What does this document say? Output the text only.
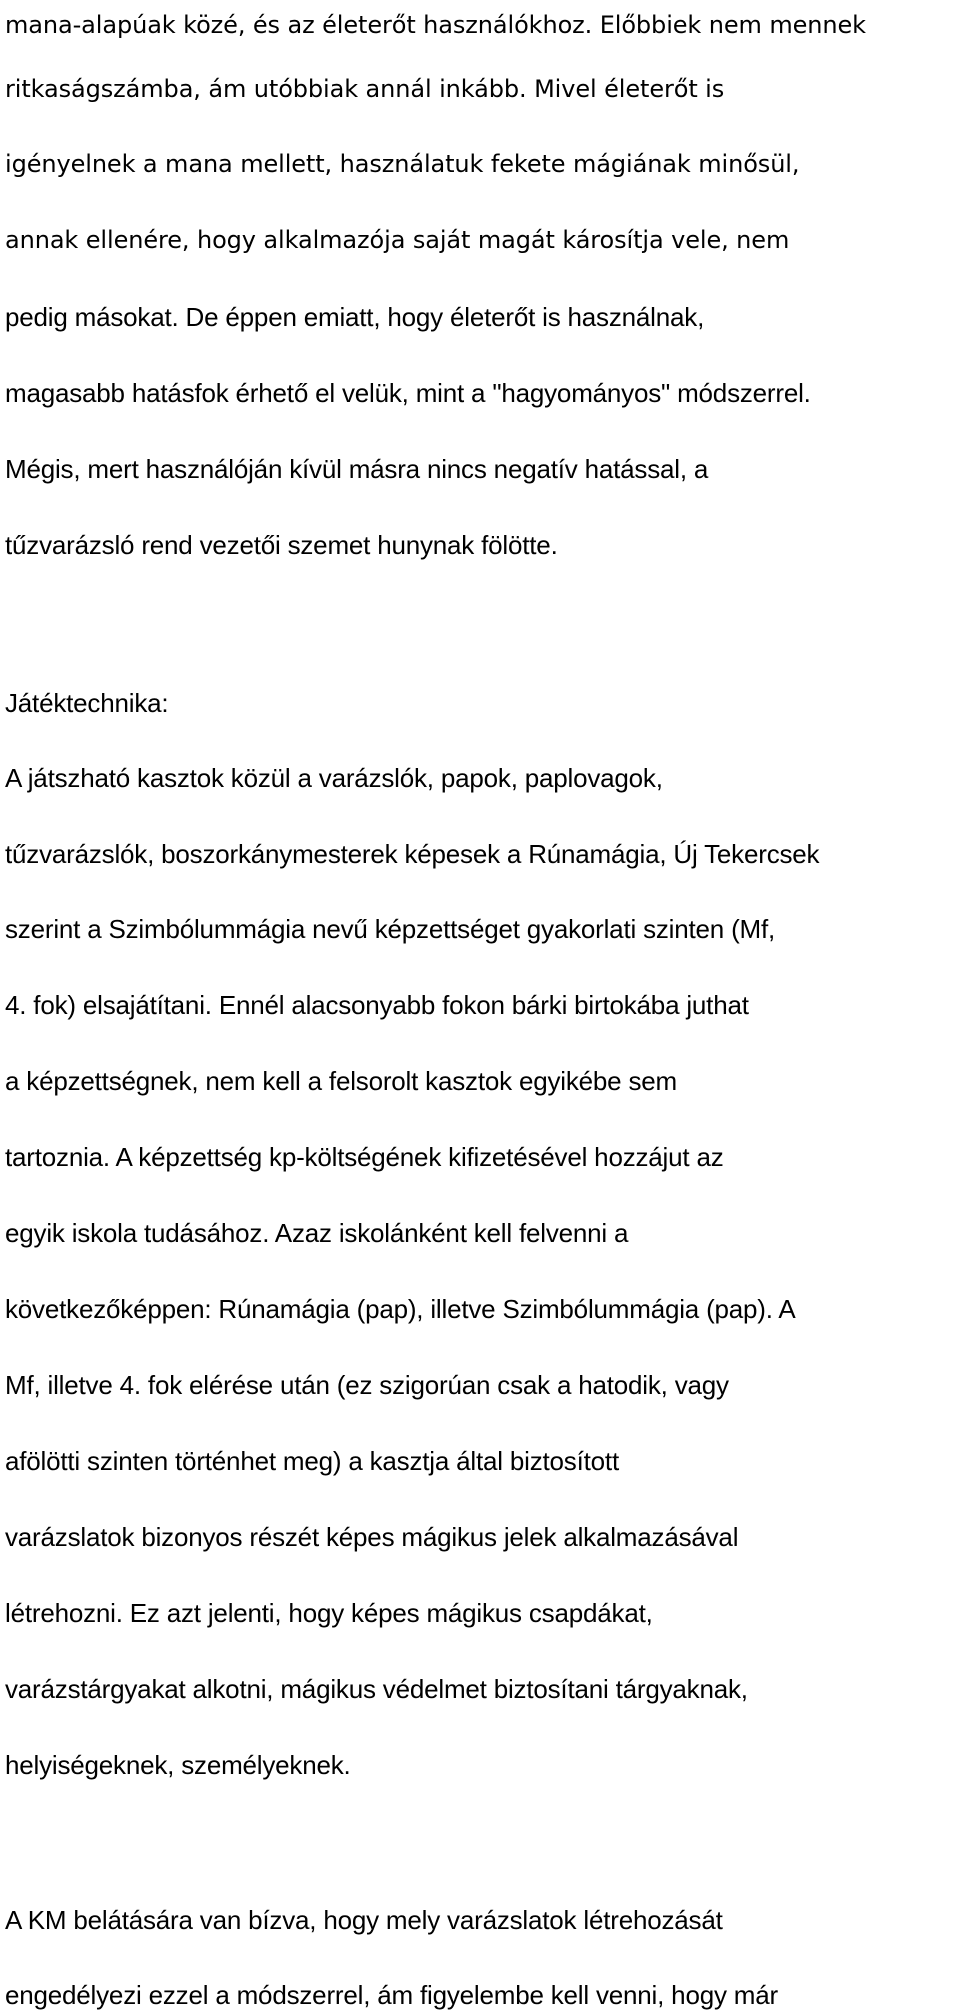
mana-alapúak közé, és az életerőt használókhoz. Előbbiek nem mennek
ritkaságszámba, ám utóbbiak annál inkább. Mivel életerőt is
igényelnek a mana mellett, használatuk fekete mágiának minősül,
annak ellenére, hogy alkalmazója saját magát károsítja vele, nem
pedig másokat. De éppen emiatt, hogy életerőt is használnak,
magasabb hatásfok érhető el velük, mint a "hagyományos" módszerrel.
Mégis, mert használóján kívül másra nincs negatív hatással, a
tűzvarázsló rend vezetői szemet hunynak fölötte.
Játéktechnika:
A játszható kasztok közül a varázslók, papok, paplovagok,
tűzvarázslók, boszorkánymesterek képesek a Rúnamágia, Új Tekercsek
szerint a Szimbólummágia nevű képzettséget gyakorlati szinten (Mf,
4. fok) elsajátítani. Ennél alacsonyabb fokon bárki birtokába juthat
a képzettségnek, nem kell a felsorolt kasztok egyikébe sem
tartoznia. A képzettség kp-költségének kifizetésével hozzájut az
egyik iskola tudásához. Azaz iskolánként kell felvenni a
következőképpen: Rúnamágia (pap), illetve Szimbólummágia (pap). A
Mf, illetve 4. fok elérése után (ez szigorúan csak a hatodik, vagy
afölötti szinten történhet meg) a kasztja által biztosított
varázslatok bizonyos részét képes mágikus jelek alkalmazásával
létrehozni. Ez azt jelenti, hogy képes mágikus csapdákat,
varázstárgyakat alkotni, mágikus védelmet biztosítani tárgyaknak,
helyiségeknek, személyeknek.
A KM belátására van bízva, hogy mely varázslatok létrehozását
engedélyezi ezzel a módszerrel, ám figyelembe kell venni, hogy már
